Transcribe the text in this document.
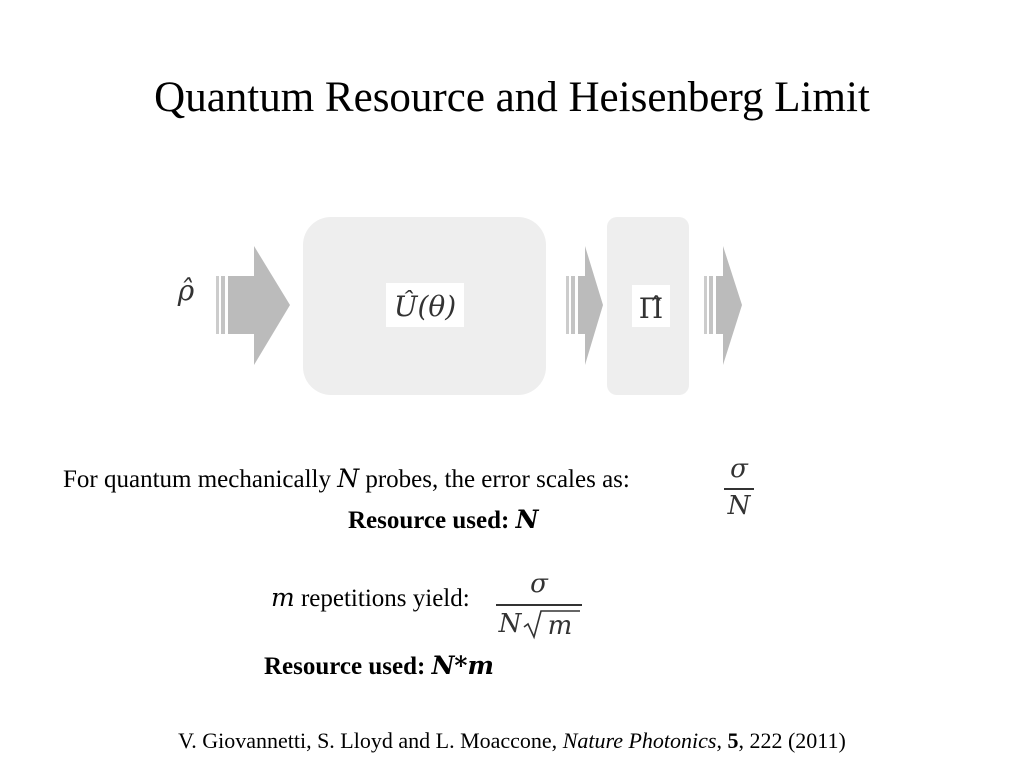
Quantum Resource and Heisenberg Limit
ρ̂	Û(θ)	Π̂
For quantum mechanically N probes, the error scales as:	σ
N
Resource used: N
m repetitions yield:	σ
N m
Resource used: N*m
V. Giovannetti, S. Lloyd and L. Moaccone, Nature Photonics, 5, 222 (2011)
